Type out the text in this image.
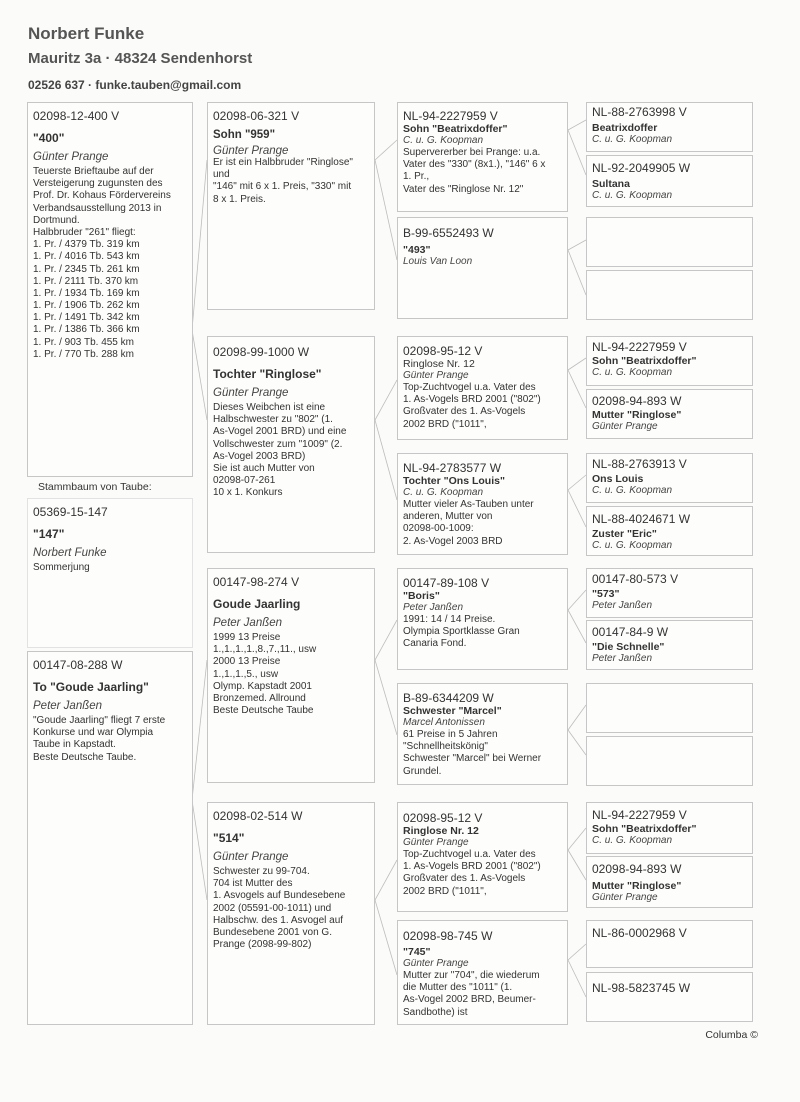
Norbert Funke
Mauritz 3a · 48324 Sendenhorst
02526 637 · funke.tauben@gmail.com
02098-12-400 V
"400"
Günter Prange
Teuerste Brieftaube auf der
Versteigerung zugunsten des
Prof. Dr. Kohaus Fördervereins
Verbandsausstellung 2013 in
Dortmund.
Halbbruder "261" fliegt:
1. Pr. / 4379 Tb. 319 km
1. Pr. / 4016 Tb. 543 km
1. Pr. / 2345 Tb. 261 km
1. Pr. / 2111 Tb. 370 km
1. Pr. / 1934 Tb. 169 km
1. Pr. / 1906 Tb. 262 km
1. Pr. / 1491 Tb. 342 km
1. Pr. / 1386 Tb. 366 km
1. Pr. / 903 Tb. 455 km
1. Pr. / 770 Tb. 288 km
Stammbaum von Taube:
05369-15-147
"147"
Norbert Funke
Sommerjung
00147-08-288 W
To "Goude Jaarling"
Peter Janßen
"Goude Jaarling" fliegt 7 erste
Konkurse und war Olympia
Taube in Kapstadt.
Beste Deutsche Taube.
02098-06-321 V
Sohn "959"
Günter Prange
Er ist ein Halbbruder "Ringlose"
und
"146" mit 6 x 1. Preis, "330" mit
8 x 1. Preis.
02098-99-1000 W
Tochter "Ringlose"
Günter Prange
Dieses Weibchen ist eine
Halbschwester zu "802" (1.
As-Vogel 2001 BRD) und eine
Vollschwester zum "1009" (2.
As-Vogel 2003 BRD)
Sie ist auch Mutter von
02098-07-261
10 x 1. Konkurs
00147-98-274 V
Goude Jaarling
Peter Janßen
1999 13 Preise
1.,1.,1.,1.,8.,7.,11., usw
2000 13 Preise
1.,1.,1.,5., usw
Olymp. Kapstadt 2001
Bronzemed. Allround
Beste Deutsche Taube
02098-02-514 W
"514"
Günter Prange
Schwester zu 99-704.
704 ist Mutter des
1. Asvogels auf Bundesebene
2002 (05591-00-1011) und
Halbschw. des 1. Asvogel auf
Bundesebene 2001 von G.
Prange (2098-99-802)
NL-94-2227959 V
Sohn "Beatrixdoffer"
C. u. G. Koopman
Supervererber bei Prange: u.a.
Vater des "330" (8x1.), "146" 6 x
1. Pr.,
Vater des "Ringlose Nr. 12"
B-99-6552493 W
"493"
Louis Van Loon
02098-95-12 V
Ringlose Nr. 12
Günter Prange
Top-Zuchtvogel u.a. Vater des
1. As-Vogels BRD 2001 ("802")
Großvater des 1. As-Vogels
2002 BRD ("1011",
NL-94-2783577 W
Tochter "Ons Louis"
C. u. G. Koopman
Mutter vieler As-Tauben unter
anderen, Mutter von
02098-00-1009:
2. As-Vogel 2003 BRD
00147-89-108 V
"Boris"
Peter Janßen
1991: 14 / 14 Preise.
Olympia Sportklasse Gran
Canaria Fond.
B-89-6344209 W
Schwester "Marcel"
Marcel Antonissen
61 Preise in 5 Jahren
"Schnellheitskönig"
Schwester "Marcel" bei Werner
Grundel.
02098-95-12 V
Ringlose Nr. 12
Günter Prange
Top-Zuchtvogel u.a. Vater des
1. As-Vogels BRD 2001 ("802")
Großvater des 1. As-Vogels
2002 BRD ("1011",
02098-98-745 W
"745"
Günter Prange
Mutter zur "704", die wiederum
die Mutter des "1011" (1.
As-Vogel 2002 BRD, Beumer-
Sandbothe) ist
NL-88-2763998 V
Beatrixdoffer
C. u. G. Koopman
NL-92-2049905 W
Sultana
C. u. G. Koopman
NL-94-2227959 V
Sohn "Beatrixdoffer"
C. u. G. Koopman
02098-94-893 W
Mutter "Ringlose"
Günter Prange
NL-88-2763913 V
Ons Louis
C. u. G. Koopman
NL-88-4024671 W
Zuster "Eric"
C. u. G. Koopman
00147-80-573 V
"573"
Peter Janßen
00147-84-9 W
"Die Schnelle"
Peter Janßen
NL-94-2227959 V
Sohn "Beatrixdoffer"
C. u. G. Koopman
02098-94-893 W
Mutter "Ringlose"
Günter Prange
NL-86-0002968 V
NL-98-5823745 W
Columba ©
